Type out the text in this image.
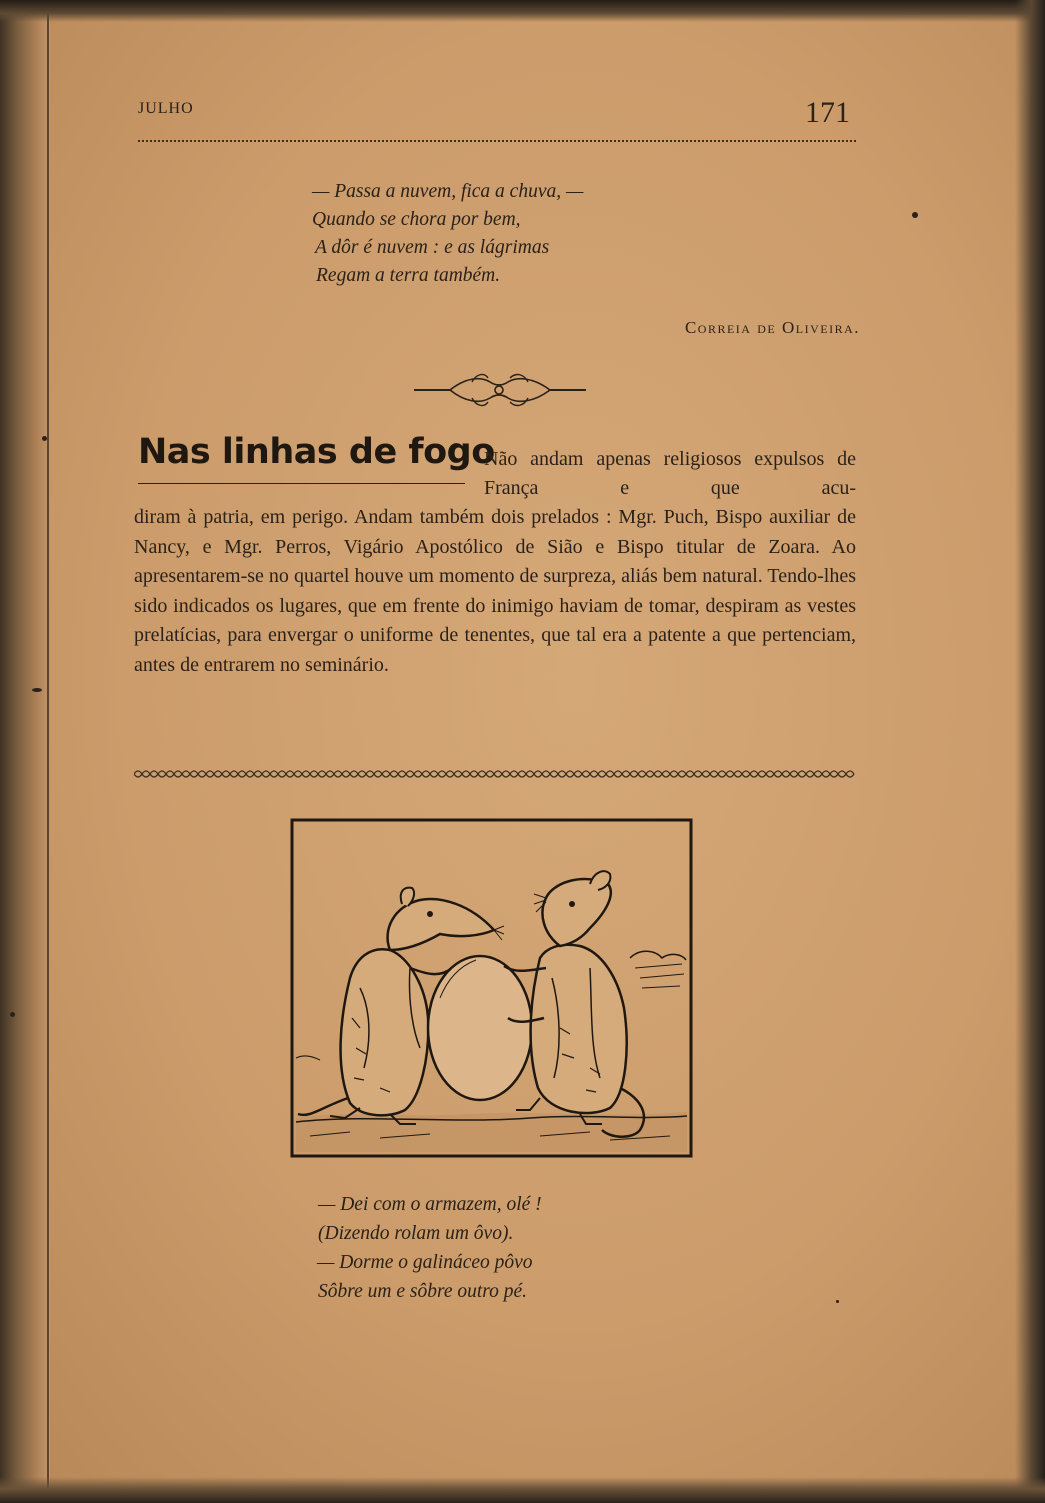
JULHO	171
— Passa a nuvem, fica a chuva, —
Quando se chora por bem,
A dôr é nuvem : e as lágrimas
Regam a terra também.
Correia de Oliveira.
Nas linhas de fogo
Não andam apenas religiosos expulsos de França e que acu-
diram à patria, em perigo. Andam também dois prelados : Mgr. Puch, Bispo auxiliar de Nancy, e Mgr. Perros, Vigário Apostólico de Sião e Bispo titular de Zoara. Ao apresentarem-se no quartel houve um momento de surpreza, aliás bem natural. Tendo-lhes sido indicados os lugares, que em frente do inimigo haviam de tomar, despiram as vestes prelatícias, para envergar o uniforme de tenentes, que tal era a patente a que pertenciam, antes de entrarem no seminário.
— Dei com o armazem, olé !
(Dizendo rolam um ôvo).
— Dorme o galináceo pôvo
Sôbre um e sôbre outro pé.
